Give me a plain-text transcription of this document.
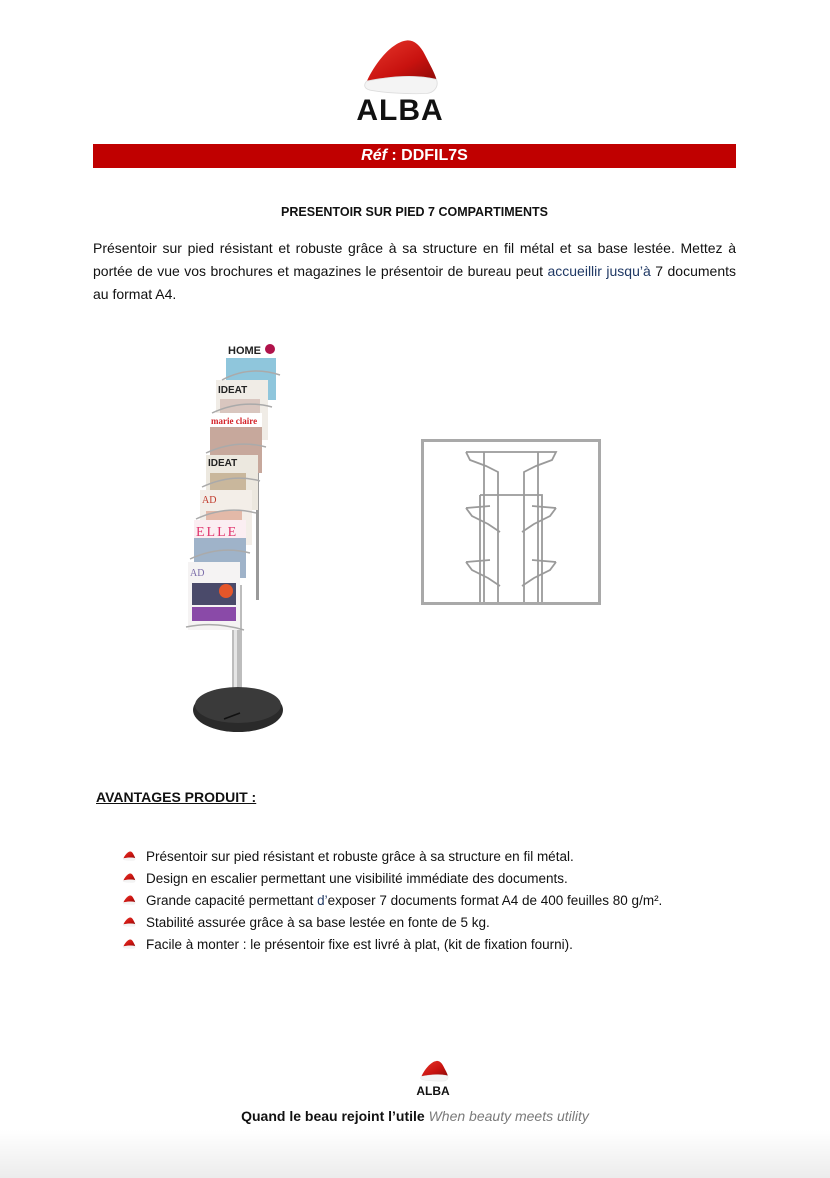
ALBA
Réf : DDFIL7S
PRESENTOIR SUR PIED 7 COMPARTIMENTS
Présentoir sur pied résistant et robuste grâce à sa structure en fil métal et sa base lestée. Mettez à portée de vue vos brochures et magazines le présentoir de bureau peut accueillir jusqu’à 7 documents au format A4.
HOME
IDEAT
marie claire
IDEAT
AD
ELLE
AD
AVANTAGES PRODUIT :
Présentoir sur pied résistant et robuste grâce à sa structure en fil métal.
Design en escalier permettant une visibilité immédiate des documents.
Grande capacité permettant d’exposer 7 documents format A4 de 400 feuilles 80 g/m².
Stabilité assurée grâce à sa base lestée en fonte de 5 kg.
Facile à monter : le présentoir fixe est livré à plat, (kit de fixation fourni).
ALBA
Quand le beau rejoint l’utile When beauty meets utility
